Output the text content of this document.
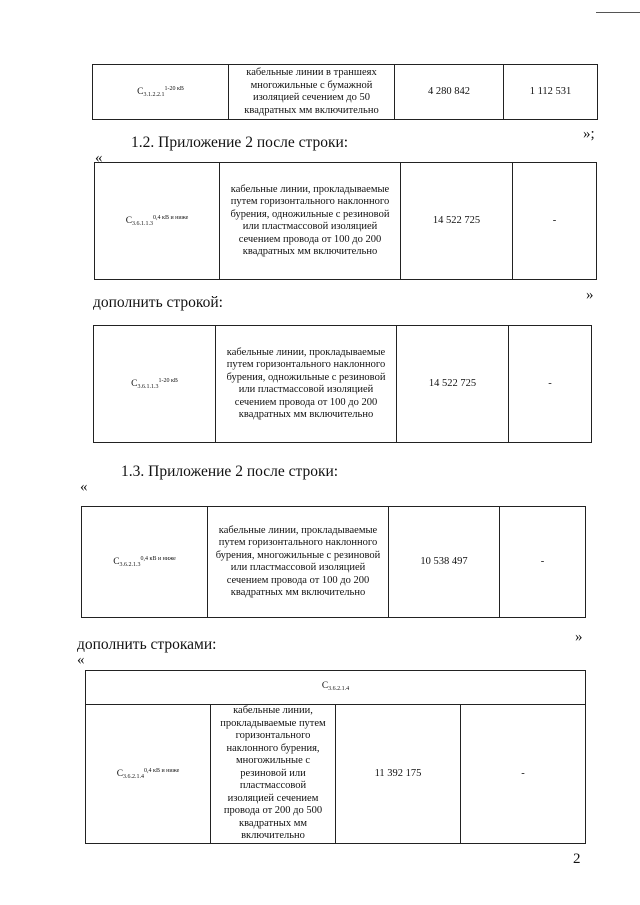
$C_{3.1.2.2.1}^{1-20 кВ}$	кабельные линии в траншеях многожильные с бумажной изоляцией сечением до 50 квадратных мм включительно	4 280 842	1 112 531
»;
1.2. Приложение 2 после строки:
«
$C_{3.6.1.1.3}^{0,4 кВ и ниже}$	кабельные линии, прокладываемые путем горизонтального наклонного бурения, одножильные с резиновой или пластмассовой изоляцией сечением провода от 100 до 200 квадратных мм включительно	14 522 725	-
»
дополнить строкой:
$C_{3.6.1.1.3}^{1-20 кВ}$	кабельные линии, прокладываемые путем горизонтального наклонного бурения, одножильные с резиновой или пластмассовой изоляцией сечением провода от 100 до 200 квадратных мм включительно	14 522 725	-
1.3. Приложение 2 после строки:
«
$C_{3.6.2.1.3}^{0,4 кВ и ниже}$	кабельные линии, прокладываемые путем горизонтального наклонного бурения, многожильные с резиновой или пластмассовой изоляцией сечением провода от 100 до 200 квадратных мм включительно	10 538 497	-
»
дополнить строками:
«
$C_{3.6.2.1.4}$
$C_{3.6.2.1.4}^{0,4 кВ и ниже}$	кабельные линии, прокладываемые путем горизонтального наклонного бурения, многожильные с резиновой или пластмассовой изоляцией сечением провода от 200 до 500 квадратных мм включительно	11 392 175	-
2
